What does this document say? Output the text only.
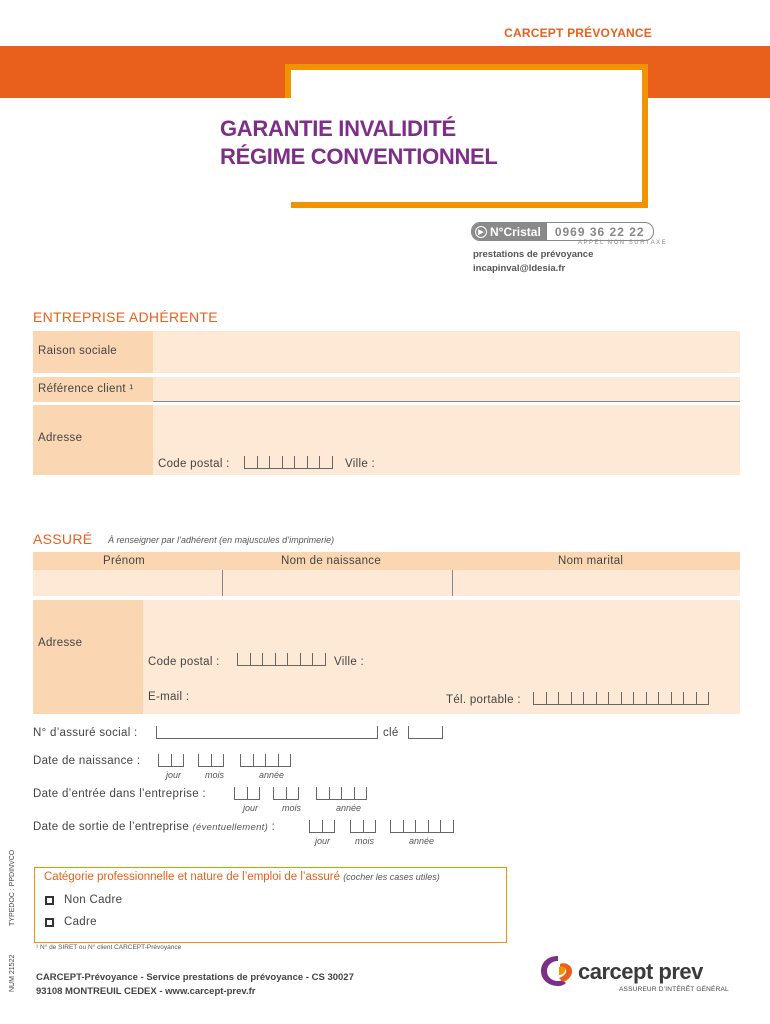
CARCEPT PRÉVOYANCE
GARANTIE INVALIDITÉ
RÉGIME CONVENTIONNEL
▶ N°Cristal	0969 36 22 22
APPEL NON SURTAXE
prestations de prévoyance
incapinval@ldesia.fr
ENTREPRISE ADHÉRENTE
Raison sociale
Référence client ¹
Adresse
Code postal :	Ville :
ASSURÉ À renseigner par l’adhérent (en majuscules d’imprimerie)
Prénom	Nom de naissance	Nom marital
Adresse
Code postal :	Ville :
E-mail :	Tél. portable :
N° d’assuré social :	clé
Date de naissance :
jour	mois	année
Date d’entrée dans l’entreprise :
jour	mois	année
Date de sortie de l’entreprise (éventuellement) :
jour	mois	année
NUM 21522
TYPEDOC : PPDINVCO Catégorie professionnelle et nature de l’emploi de l’assuré (cocher les cases utiles)
Non Cadre
Cadre
¹ N° de SIRET ou N° client CARCEPT-Prévoyance
CARCEPT-Prévoyance - Service prestations de prévoyance - CS 30027
93108 MONTREUIL CEDEX - www.carcept-prev.fr
carcept prev
ASSUREUR D’INTÉRÊT GÉNÉRAL
